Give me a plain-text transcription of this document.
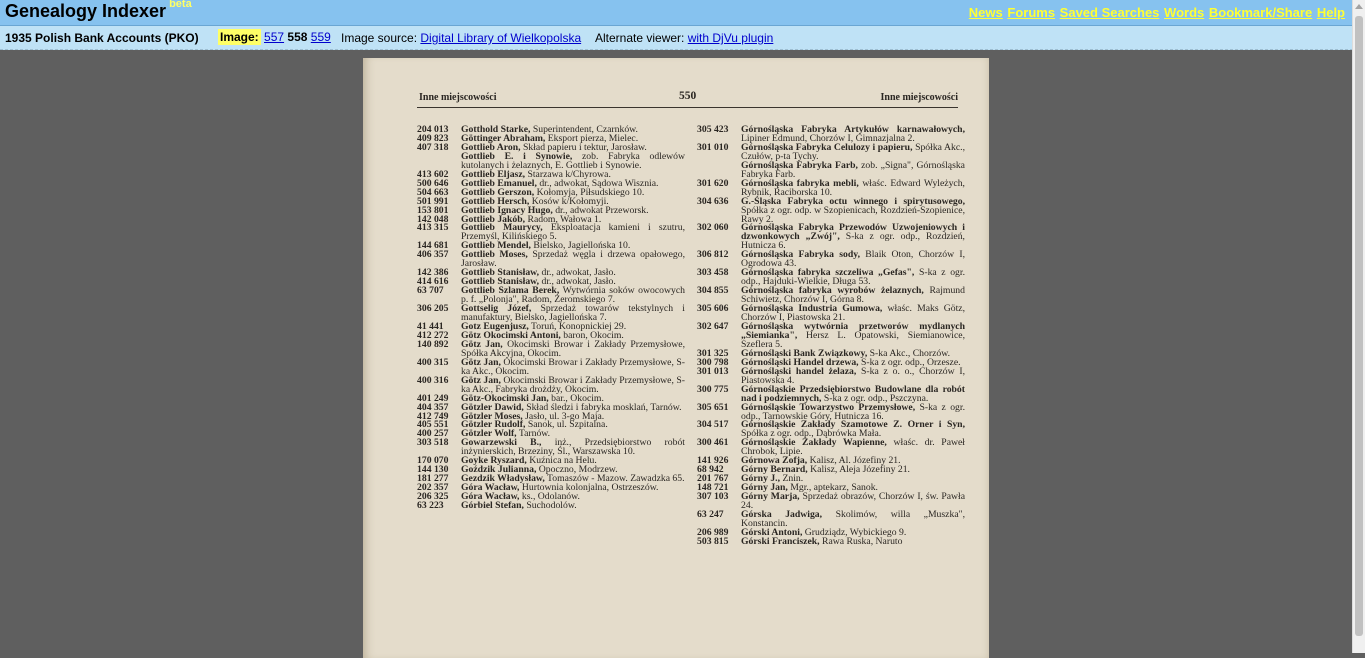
Genealogy Indexer $^{beta}$
News Forums Saved Searches Words Bookmark/Share Help
1935 Polish Bank Accounts (PKO) Image: 557 558 559 Image source: Digital Library of Wielkopolska Alternate viewer: with DjVu plugin
Inne miejscowości	550	Inne miejscowości
204 013	Gotthold Starke, Superintendent, Czarnków.
409 823	Göttinger Abraham, Eksport pierza, Mielec.
407 318	Gottlieb Aron, Skład papieru i tektur, Jarosław.
Gottlieb E. i Synowie, zob. Fabryka odlewów kutolanych i żelaznych, E. Gottlieb i Synowie.
413 602	Gottlieb Eljasz, Starzawa k/Chyrowa.
500 646	Gottlieb Emanuel, dr., adwokat, Sądowa Wisznia.
504 663	Gottlieb Gerszon, Kołomyja, Piłsudskiego 10.
501 991	Gottlieb Hersch, Kosów k/Kołomyji.
153 801	Gottlieb Ignacy Hugo, dr., adwokat Przeworsk.
142 048	Gottlieb Jakób, Radom, Wałowa 1.
413 315	Gottlieb Maurycy, Eksploatacja kamieni i szutru, Przemyśl, Kilińskiego 5.
144 681	Gottlieb Mendel, Bielsko, Jagiellońska 10.
406 357	Gottlieb Moses, Sprzedaż węgla i drzewa opałowego, Jarosław.
142 386	Gottlieb Stanisław, dr., adwokat, Jasło.
414 616	Gottlieb Stanisław, dr., adwokat, Jasło.
63 707	Gottlieb Szlama Berek, Wytwórnia soków owocowych p. f. „Polonja", Radom, Żeromskiego 7.
306 205	Gottselig Józef, Sprzedaż towarów tekstylnych i manufaktury, Bielsko, Jagiellońska 7.
41 441	Gotz Eugenjusz, Toruń, Konopnickiej 29.
412 272	Götz Okocimski Antoni, baron, Okocim.
140 892	Götz Jan, Okocimski Browar i Zakłady Przemysłowe, Spółka Akcyjna, Okocim.
400 315	Götz Jan, Okocimski Browar i Zakłady Przemysłowe, S-ka Akc., Okocim.
400 316	Götz Jan, Okocimski Browar i Zakłady Przemysłowe, S-ka Akc., Fabryka drożdży, Okocim.
401 249	Götz-Okocimski Jan, bar., Okocim.
404 357	Götzler Dawid, Skład śledzi i fabryka mosklań, Tarnów.
412 749	Götzler Moses, Jasło, ul. 3-go Maja.
405 551	Götzler Rudolf, Sanok, ul. Szpitalna.
400 257	Götzler Wolf, Tarnów.
303 518	Gowarzewski B., inż., Przedsiębiorstwo robót inżynierskich, Brzeziny, Śl., Warszawska 10.
170 070	Goyke Ryszard, Kuźnica na Helu.
144 130	Goździk Julianna, Opoczno, Modrzew.
181 277	Gezdzik Władysław, Tomaszów - Mazow. Zawadzka 65.
202 357	Góra Wacław, Hurtownia kolonjalna, Ostrzeszów.
206 325	Góra Wacław, ks., Odolanów.
63 223	Górbiel Stefan, Suchodolów.
305 423	Górnośląska Fabryka Artykułów karnawałowych, Lipiner Edmund, Chorzów I, Gimnazjalna 2.
301 010	Górnośląska Fabryka Celulozy i papieru, Spółka Akc., Czułów, p-ta Tychy.
Górnośląska Fabryka Farb, zob. „Signa", Górnośląska Fabryka Farb.
301 620	Górnośląska fabryka mebli, właśc. Edward Wyleżych, Rybnik, Raciborska 10.
304 636	G.-Śląska Fabryka octu winnego i spirytusowego, Spółka z ogr. odp. w Szopienicach, Rozdzień-Szopienice, Rawy 2.
302 060	Górnośląska Fabryka Przewodów Uzwojeniowych i dzwonkowych „Zwój", S-ka z ogr. odp., Rozdzień, Hutnicza 6.
306 812	Górnośląska Fabryka sody, Blaik Oton, Chorzów I, Ogrodowa 43.
303 458	Górnośląska fabryka szczeliwa „Gefas", S-ka z ogr. odp., Hajduki-Wielkie, Długa 53.
304 855	Górnośląska fabryka wyrobów żelaznych, Rajmund Schiwietz, Chorzów I, Górna 8.
305 606	Górnośląska Industria Gumowa, właśc. Maks Götz, Chorzów I, Piastowska 21.
302 647	Górnośląska wytwórnia przetworów mydlanych „Siemianka", Hersz L. Opatowski, Siemianowice, Szeflera 5.
301 325	Górnośląski Bank Związkowy, S-ka Akc., Chorzów.
300 798	Górnośląski Handel drzewa, S-ka z ogr. odp., Orzesze.
301 013	Górnośląski handel żelaza, S-ka z o. o., Chorzów I, Piastowska 4.
300 775	Górnośląskie Przedsiębiorstwo Budowlane dla robót nad i podziemnych, S-ka z ogr. odp., Pszczyna.
305 651	Górnośląskie Towarzystwo Przemysłowe, S-ka z ogr. odp., Tarnowskie Góry, Hutnicza 16.
304 517	Górnośląskie Zakłady Szamotowe Z. Orner i Syn, Spółka z ogr. odp., Dąbrówka Mała.
300 461	Górnośląskie Zakłady Wapienne, właśc. dr. Paweł Chrobok, Lipie.
141 926	Górnowa Zofja, Kalisz, Al. Józefiny 21.
68 942	Górny Bernard, Kalisz, Aleja Józefiny 21.
201 767	Górny J., Znin.
148 721	Górny Jan, Mgr., aptekarz, Sanok.
307 103	Górny Marja, Sprzedaż obrazów, Chorzów I, św. Pawła 24.
63 247	Górska Jadwiga, Skolimów, willa „Muszka", Konstancin.
206 989	Górski Antoni, Grudziądz, Wybickiego 9.
503 815	Górski Franciszek, Rawa Ruska, Naruto
